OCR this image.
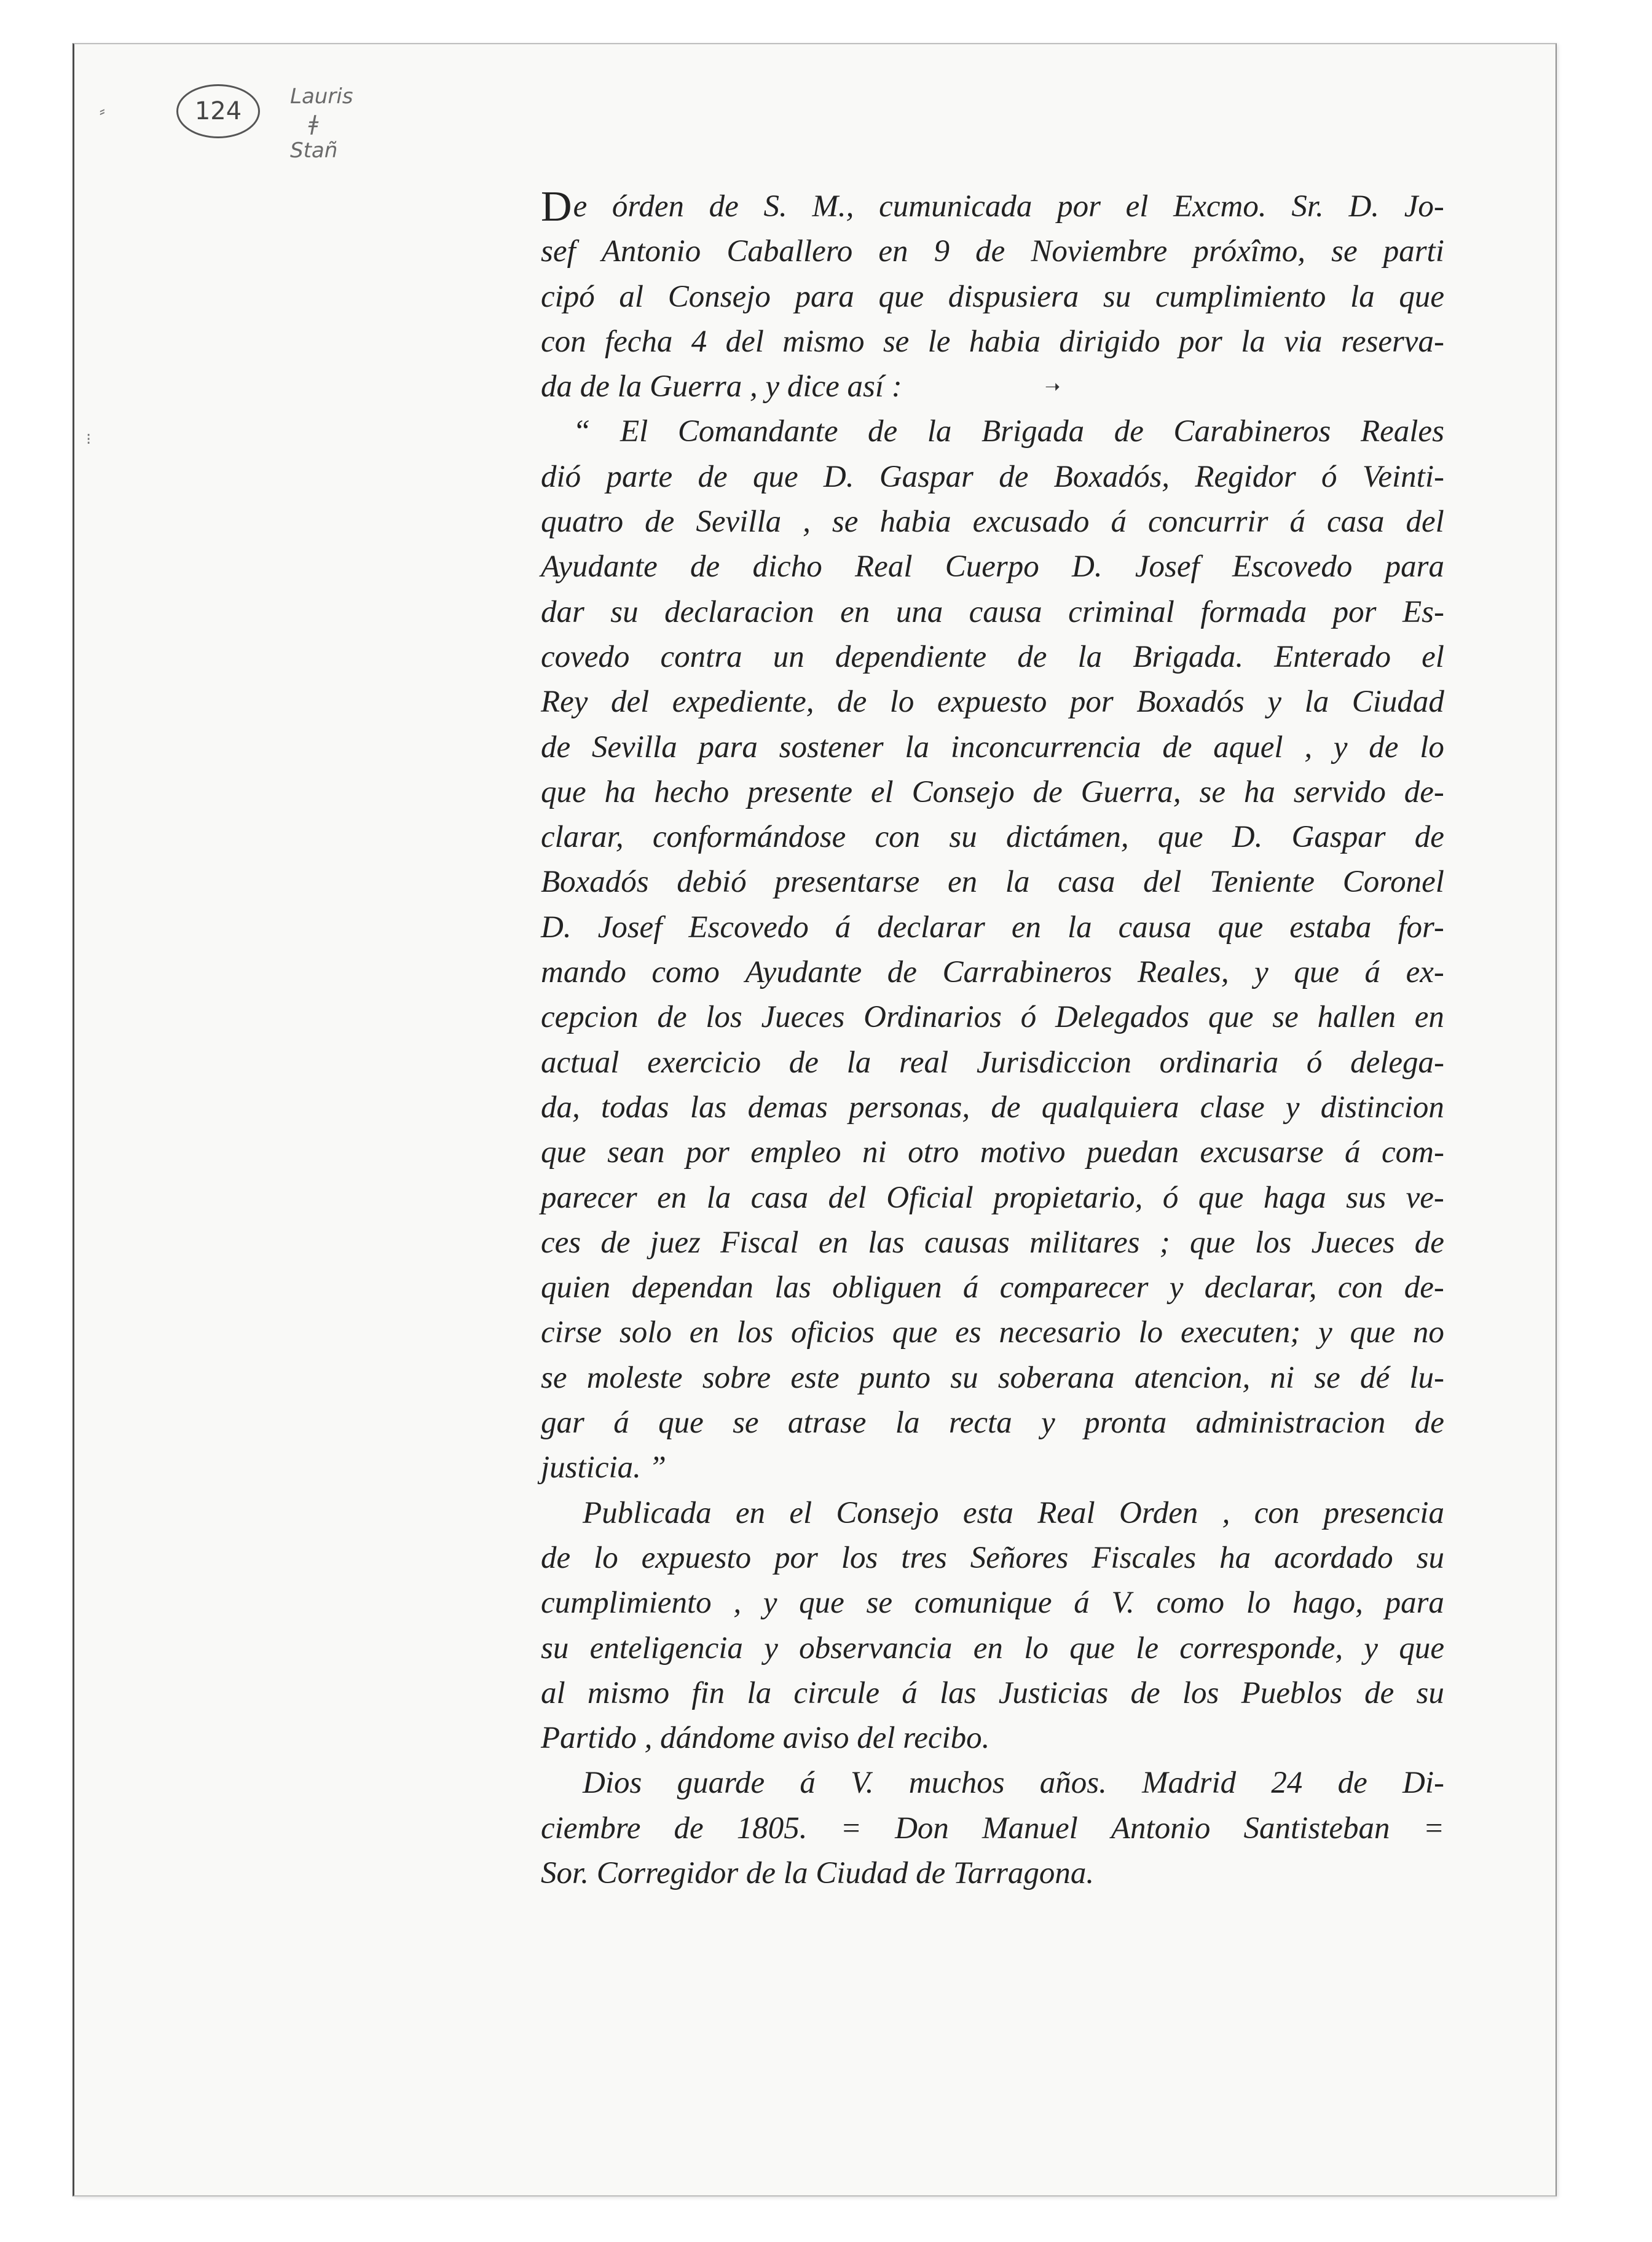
124
Lauris
ǂ
Stañ
⸗
⁝
➝
D e órden de S. M., cumunicada por el Excmo. Sr. D. Jo-
sef Antonio Caballero en 9 de Noviembre próxîmo, se parti
cipó al Consejo para que dispusiera su cumplimiento la que
con fecha 4 del mismo se le habia dirigido por la via reserva-
da de la Guerra , y dice así :
“ El Comandante de la Brigada de Carabineros Reales
dió parte de que D. Gaspar de Boxadós, Regidor ó Veinti-
quatro de Sevilla , se habia excusado á concurrir á casa del
Ayudante de dicho Real Cuerpo D. Josef Escovedo para
dar su declaracion en una causa criminal formada por Es-
covedo contra un dependiente de la Brigada. Enterado el
Rey del expediente, de lo expuesto por Boxadós y la Ciudad
de Sevilla para sostener la inconcurrencia de aquel , y de lo
que ha hecho presente el Consejo de Guerra, se ha servido de-
clarar, conformándose con su dictámen, que D. Gaspar de
Boxadós debió presentarse en la casa del Teniente Coronel
D. Josef Escovedo á declarar en la causa que estaba for-
mando como Ayudante de Carrabineros Reales, y que á ex-
cepcion de los Jueces Ordinarios ó Delegados que se hallen en
actual exercicio de la real Jurisdiccion ordinaria ó delega-
da, todas las demas personas, de qualquiera clase y distincion
que sean por empleo ni otro motivo puedan excusarse á com-
parecer en la casa del Oficial propietario, ó que haga sus ve-
ces de juez Fiscal en las causas militares ; que los Jueces de
quien dependan las obliguen á comparecer y declarar, con de-
cirse solo en los oficios que es necesario lo executen; y que no
se moleste sobre este punto su soberana atencion, ni se dé lu-
gar á que se atrase la recta y pronta administracion de
justicia. ”
Publicada en el Consejo esta Real Orden , con presencia
de lo expuesto por los tres Señores Fiscales ha acordado su
cumplimiento , y que se comunique á V. como lo hago, para
su enteligencia y observancia en lo que le corresponde, y que
al mismo fin la circule á las Justicias de los Pueblos de su
Partido , dándome aviso del recibo.
Dios guarde á V. muchos años. Madrid 24 de Di-
ciembre de 1805. = Don Manuel Antonio Santisteban =
Sor. Corregidor de la Ciudad de Tarragona.
